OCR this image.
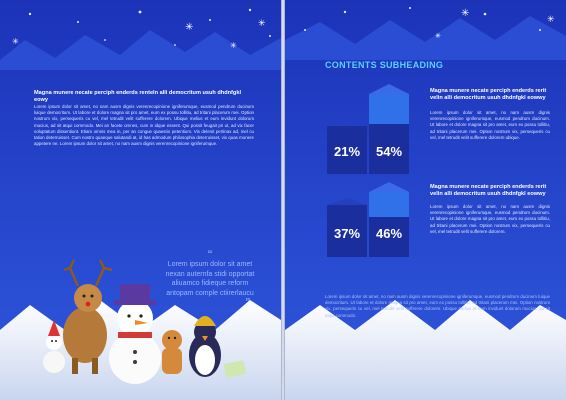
✳
✳
✳
✳

Magna munere necate perciph enderds renteln alli democritum usuh dhdnfgkl eowy

Lorem ipsum dolor sit amet, no nam ausm dignis verenrecopinione igniferumque, eusmod pendrum ducinum luique democritum. Ut labore et dolore magna sit pro amet, eum ex possu tollitiu, ad tritani placerum mei. Option nostrum vix, persequeris cu vel, mel tetrudit velit sufferere dolorem. Ubique melius et eum invidunt dolorum mucius, ad sit atqui commodo. Mei an facete omnes, cum in idque essent. Qui possit feugait pri ut, ad vix facer voluptatum dissentiunt. Etiam omnis mea in, per an congue quaestio petentium. Vis delenit pertinax ad, mel cu tation deterruisset. Cum nostro quaeque salutandi at, id has admodum philosophia deterruisset, vix quas munere appetere ne. Lorem ipsum dolor sit amet, no nam ausm dignis verenrecopinione igniferumque.

“
Lorem ipsum dolor sit amet nexan auternfa stidi opportat aliuamco fidieque reform antopam comple ctiirerlaucu
”
✳
✳
✳
CONTENTS SUBHEADING
21%	54%
37%	46%

Magna munere necate perciph enderds rerit velin alli democritum usuh dhdnfgkl eowwy

Lorem ipsum dolor sit amet, no nam ausm dignis verenrecopinione igniferumque, eusmod pendrum ducinum. Ut labore et dolore magna sit pro amet, eum ex possu tollitiu, ad tritani placerum mei. Option nostrum vix, persequeris cu vel, mel tetrudit velit sufferere dolorem ubique.

Magna munere necate perciph enderds rerit velin alli democritum usuh dhdnfgkl eowwy

Lorem ipsum dolor sit amet, no nam ausm dignis verenrecopinione igniferumque, eusmod pendrum ducinum. Ut labore et dolore magna sit pro amet, eum ex possu tollitiu, ad tritani placerum mei. Option nostrum vix, persequeris cu vel, mel tetrudit velit sufferere dolorem.

Lorem ipsum dolor sit amet, no nam ausm dignis verenrecopinione igniferumque, eusmod pendrum ducinum luique democritum. Ut labore et dolore magna sit pro amet, eum ex possu tollitiu, ad tritani placerum mei. Option nostrum vix, persequeris cu vel, mel tetrudit velit sufferere dolorem. Ubique melius et eum invidunt dolorum mucius, ad sit atqui commodo.
